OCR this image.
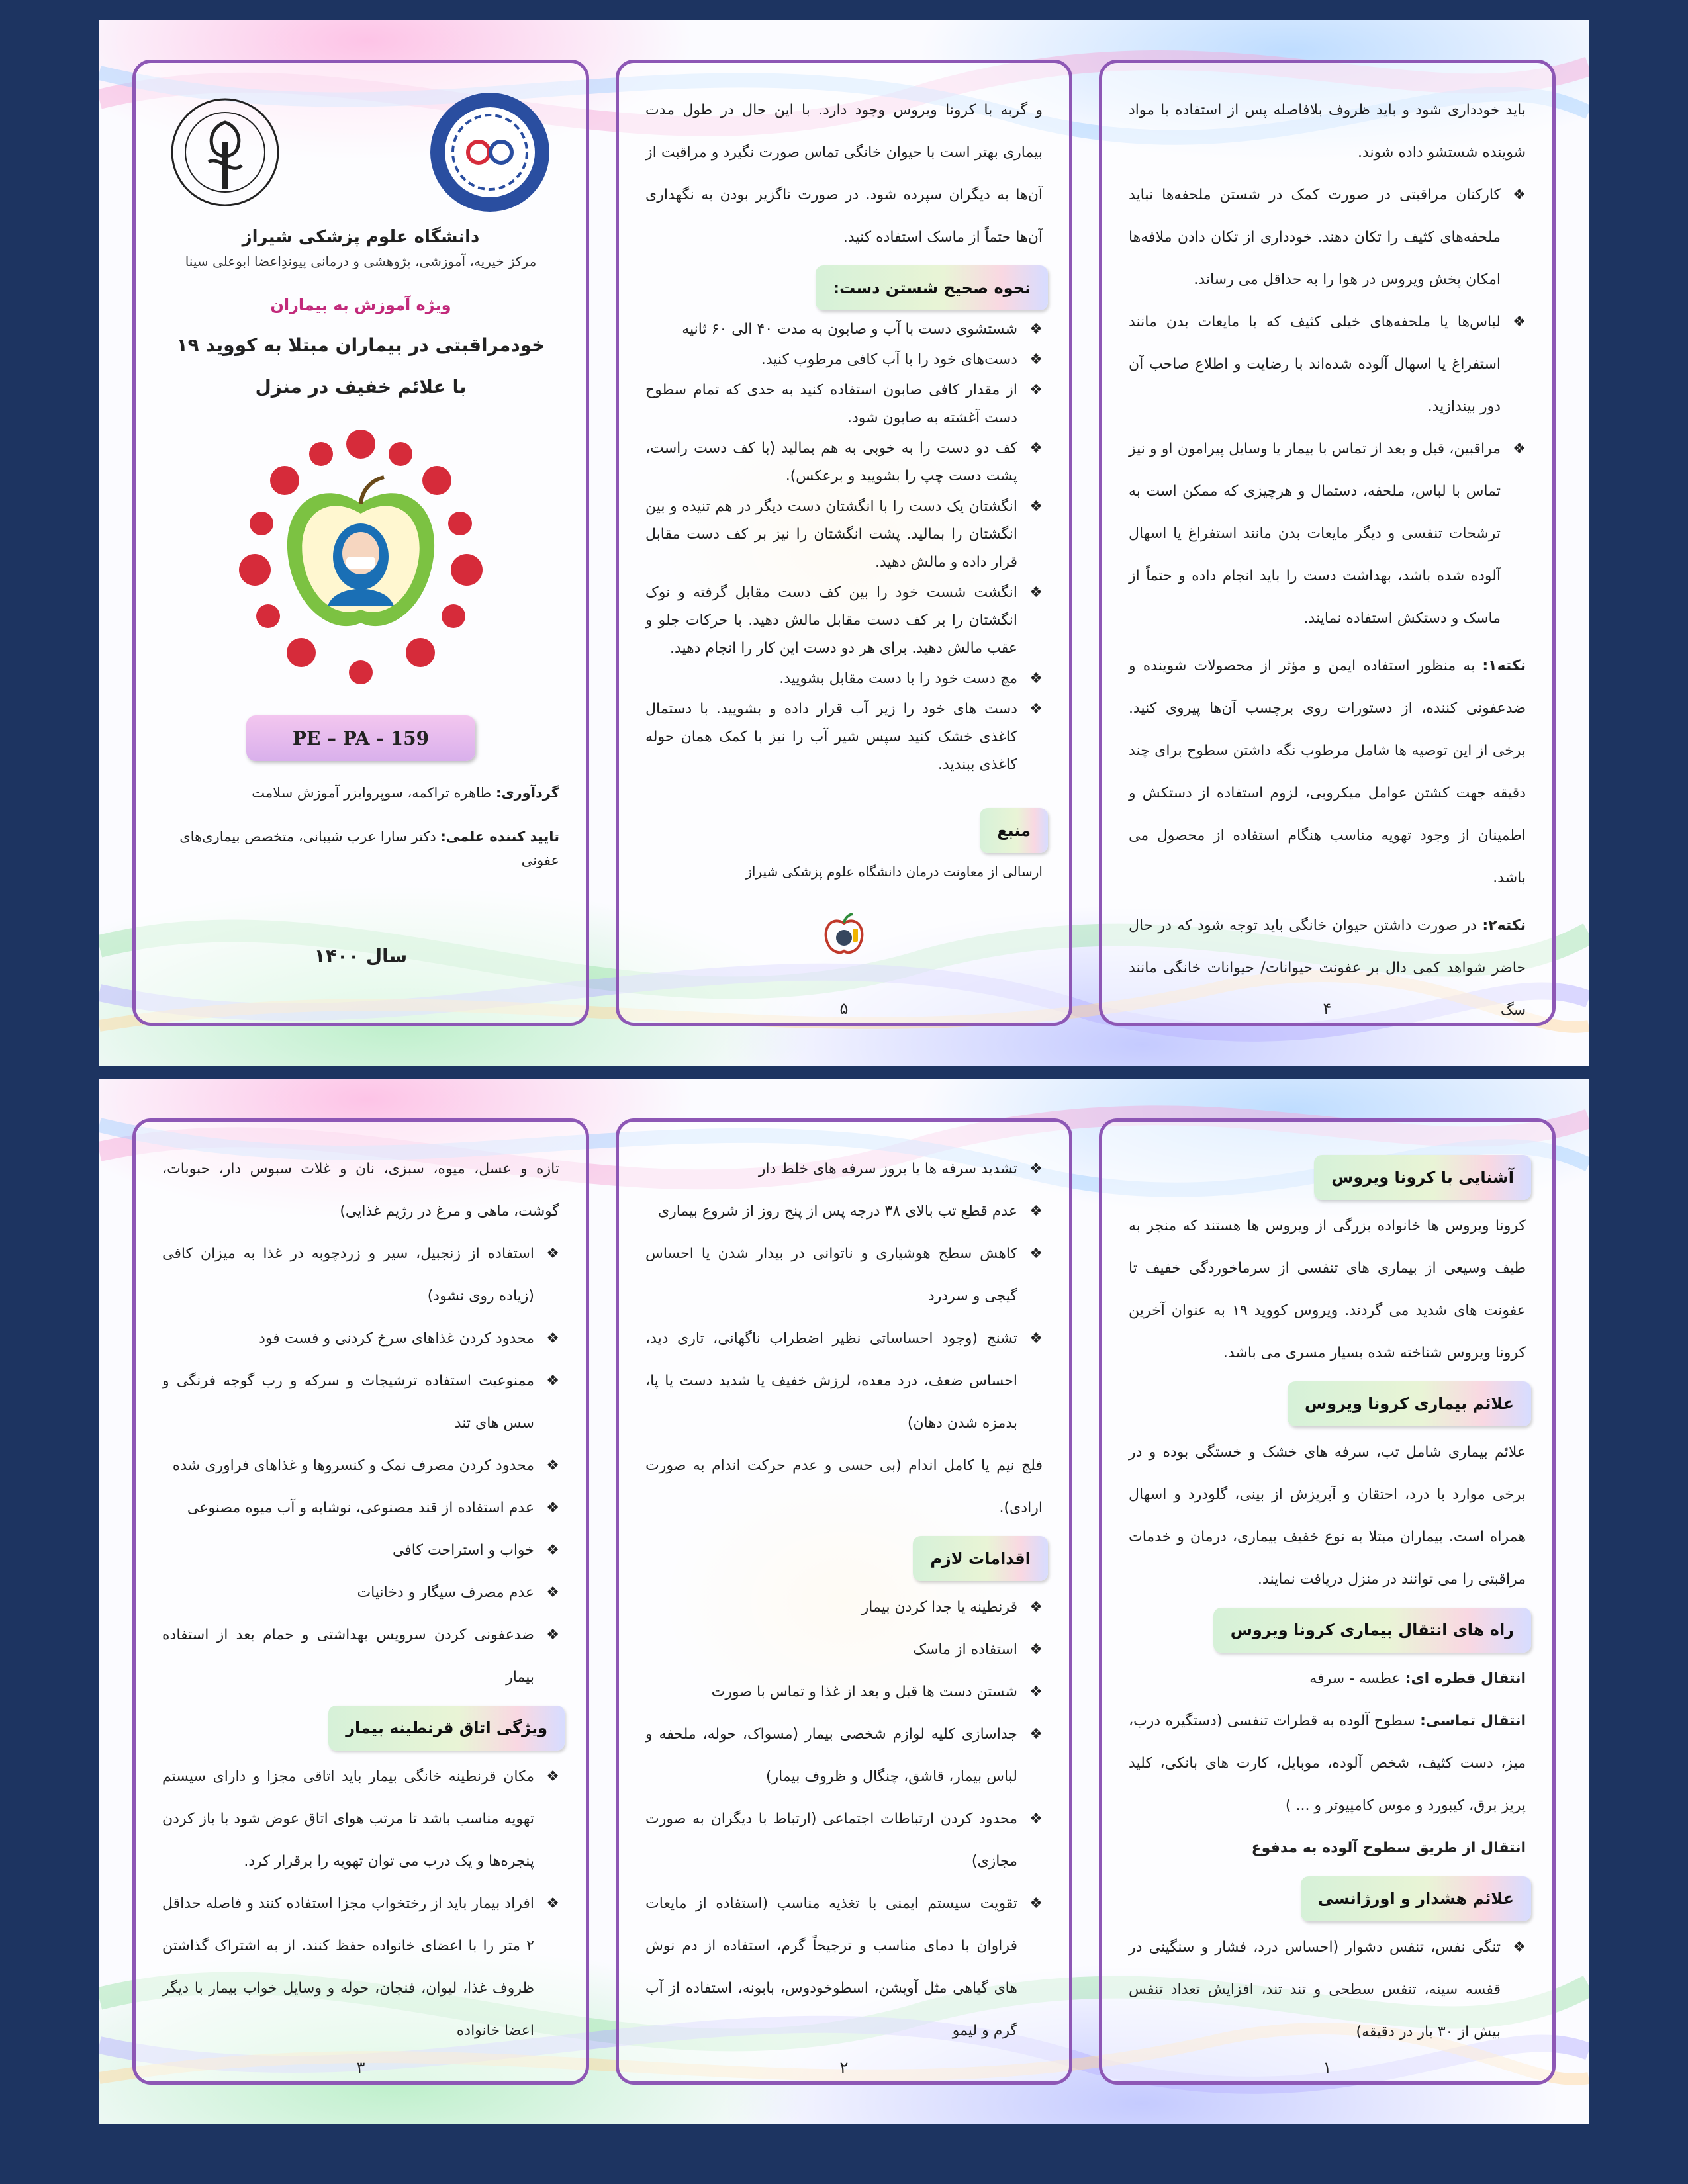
باید خودداری شود و باید ظروف بلافاصله پس از استفاده با مواد شوینده شستشو داده شوند.

❖ کارکنان مراقبتی در صورت کمک در شستن ملحفه‌ها نباید ملحفه‌های کثیف را تکان دهند. خودداری از تکان دادن ملافه‌ها امکان پخش ویروس در هوا را به حداقل می رساند.
❖ لباس‌ها یا ملحفه‌های خیلی کثیف که با مایعات بدن مانند استفراغ یا اسهال آلوده شده‌اند با رضایت و اطلاع صاحب آن دور بیندازید.
❖ مراقبین، قبل و بعد از تماس با بیمار یا وسایل پیرامون او و نیز تماس با لباس، ملحفه، دستمال و هرچیزی که ممکن است به ترشحات تنفسی و دیگر مایعات بدن مانند استفراغ یا اسهال آلوده شده باشد، بهداشت دست را باید انجام داده و حتماً از ماسک و دستکش استفاده نمایند.

نکته١: به منظور استفاده ایمن و مؤثر از محصولات شوینده و ضدعفونی کننده، از دستورات روی برچسب آن‌ها پیروی کنید. برخی از این توصیه ها شامل مرطوب نگه داشتن سطوح برای چند دقیقه جهت کشتن عوامل میکروبی، لزوم استفاده از دستکش و اطمینان از وجود تهویه مناسب هنگام استفاده از محصول می باشد.

نکته٢: در صورت داشتن حیوان خانگی باید توجه شود که در حال حاضر شواهد کمی دال بر عفونت حیوانات/ حیوانات خانگی مانند سگ

۴

و گربه با کرونا ویروس وجود دارد. با این حال در طول مدت بیماری بهتر است با حیوان خانگی تماس صورت نگیرد و مراقبت از آن‌ها به دیگران سپرده شود. در صورت ناگزیر بودن به نگهداری آن‌ها حتماً از ماسک استفاده کنید.

نحوه صحیح شستن دست:
❖ شستشوی دست با آب و صابون به مدت ۴٠ الی ۶٠ ثانیه
❖ دست‌های خود را با آب کافی مرطوب کنید.
❖ از مقدار کافی صابون استفاده کنید به حدی که تمام سطوح دست آغشته به صابون شود.
❖ کف دو دست را به خوبی به هم بمالید (با کف دست راست، پشت دست چپ را بشویید و برعکس).
❖ انگشتان یک دست را با انگشتان دست دیگر در هم تنیده و بین انگشتان را بمالید. پشت انگشتان را نیز بر کف دست مقابل قرار داده و مالش دهید.
❖ انگشت شست خود را بین کف دست مقابل گرفته و نوک انگشتان را بر کف دست مقابل مالش دهید. با حرکات جلو و عقب مالش دهید. برای هر دو دست این کار را انجام دهید.
❖ مچ دست خود را با دست مقابل بشویید.
❖ دست های خود را زیر آب قرار داده و بشویید. با دستمال کاغذی خشک کنید سپس شیر آب را نیز با کمک همان حوله کاغذی ببندید.
منبع

ارسالی از معاونت درمان دانشگاه علوم پزشکی شیراز

۵
دانشگاه علوم پزشکی شیراز
مرکز خیریه، آموزشی، پژوهشی و درمانی پیوندِاعضا ابوعلی سینا
ویژه آموزش به بیماران
خودمراقبتی در بیماران مبتلا به کووید ١٩
با علائم خفیف در منزل
PE – PA - 159

گردآوری: طاهره تراکمه، سوپروایزر آموزش سلامت

تایید کننده علمی: دکتر سارا عرب شیبانی، متخصص بیماری‌های عفونی

سال ١۴٠٠
آشنایی با کرونا ویروس

کرونا ویروس ها خانواده بزرگی از ویروس ها هستند که منجر به طیف وسیعی از بیماری های تنفسی از سرماخوردگی خفیف تا عفونت های شدید می گردند. ویروس کووید ١٩ به عنوان آخرین کرونا ویروس شناخته شده بسیار مسری می باشد.

علائم بیماری کرونا ویروس

علائم بیماری شامل تب، سرفه های خشک و خستگی بوده و در برخی موارد با درد، احتقان و آبریزش از بینی، گلودرد و اسهال همراه است. بیماران مبتلا به نوع خفیف بیماری، درمان و خدمات مراقبتی را می توانند در منزل دریافت نمایند.

راه های انتقال بیماری کرونا ویروس

انتقال قطره ای: عطسه - سرفه

انتقال تماسی: سطوح آلوده به قطرات تنفسی (دستگیره درب، میز، دست کثیف، شخص آلوده، موبایل، کارت های بانکی، کلید پریز برق، کیبورد و موس کامپیوتر و ... )

انتقال از طریق سطوح آلوده به مدفوع

علائم هشدار و اورژانسی
❖ تنگی نفس، تنفس دشوار (احساس درد، فشار و سنگینی در قفسه سینه، تنفس سطحی و تند تند، افزایش تعداد تنفس بیش از ٣٠ بار در دقیقه)
١
❖ تشدید سرفه ها یا بروز سرفه های خلط دار
❖ عدم قطع تب بالای ٣٨ درجه پس از پنج روز از شروع بیماری
❖ کاهش سطح هوشیاری و ناتوانی در بیدار شدن یا احساس گیجی و سردرد
❖ تشنج (وجود احساساتی نظیر اضطراب ناگهانی، تاری دید، احساس ضعف، درد معده، لرزش خفیف یا شدید دست یا پا، بدمزه شدن دهان)

فلج نیم یا کامل اندام (بی حسی و عدم حرکت اندام به صورت ارادی).

اقدامات لازم
❖ قرنطینه یا جدا کردن بیمار
❖ استفاده از ماسک
❖ شستن دست ها قبل و بعد از غذا و تماس با صورت
❖ جداسازی کلیه لوازم شخصی بیمار (مسواک، حوله، ملحفه و لباس بیمار، قاشق، چنگال و ظروف بیمار)
❖ محدود کردن ارتباطات اجتماعی (ارتباط با دیگران به صورت مجازی)
❖ تقویت سیستم ایمنی با تغذیه مناسب (استفاده از مایعات فراوان با دمای مناسب و ترجیحاً گرم، استفاده از دم نوش های گیاهی مثل آویشن، اسطوخودوس، بابونه، استفاده از آب گرم و لیمو
٢

تازه و عسل، میوه، سبزی، نان و غلات سبوس دار، حبوبات، گوشت، ماهی و مرغ در رژیم غذایی)

❖ استفاده از زنجبیل، سیر و زردچوبه در غذا به میزان کافی (زیاده روی نشود)
❖ محدود کردن غذاهای سرخ کردنی و فست فود
❖ ممنوعیت استفاده ترشیجات و سرکه و رب گوجه فرنگی و سس های تند
❖ محدود کردن مصرف نمک و کنسروها و غذاهای فراوری شده
❖ عدم استفاده از قند مصنوعی، نوشابه و آب میوه مصنوعی
❖ خواب و استراحت کافی
❖ عدم مصرف سیگار و دخانیات
❖ ضدعفونی کردن سرویس بهداشتی و حمام بعد از استفاده بیمار
ویژگی اتاق قرنطینه بیمار
❖ مکان قرنطینه خانگی بیمار باید اتاقی مجزا و دارای سیستم تهویه مناسب باشد تا مرتب هوای اتاق عوض شود با باز کردن پنجره‌ها و یک درب می توان تهویه را برقرار کرد.
❖ افراد بیمار باید از رختخواب مجزا استفاده کنند و فاصله حداقل ٢ متر را با اعضای خانواده حفظ کنند. از به اشتراک گذاشتن ظروف غذا، لیوان، فنجان، حوله و وسایل خواب بیمار با دیگر اعضا خانواده
٣
